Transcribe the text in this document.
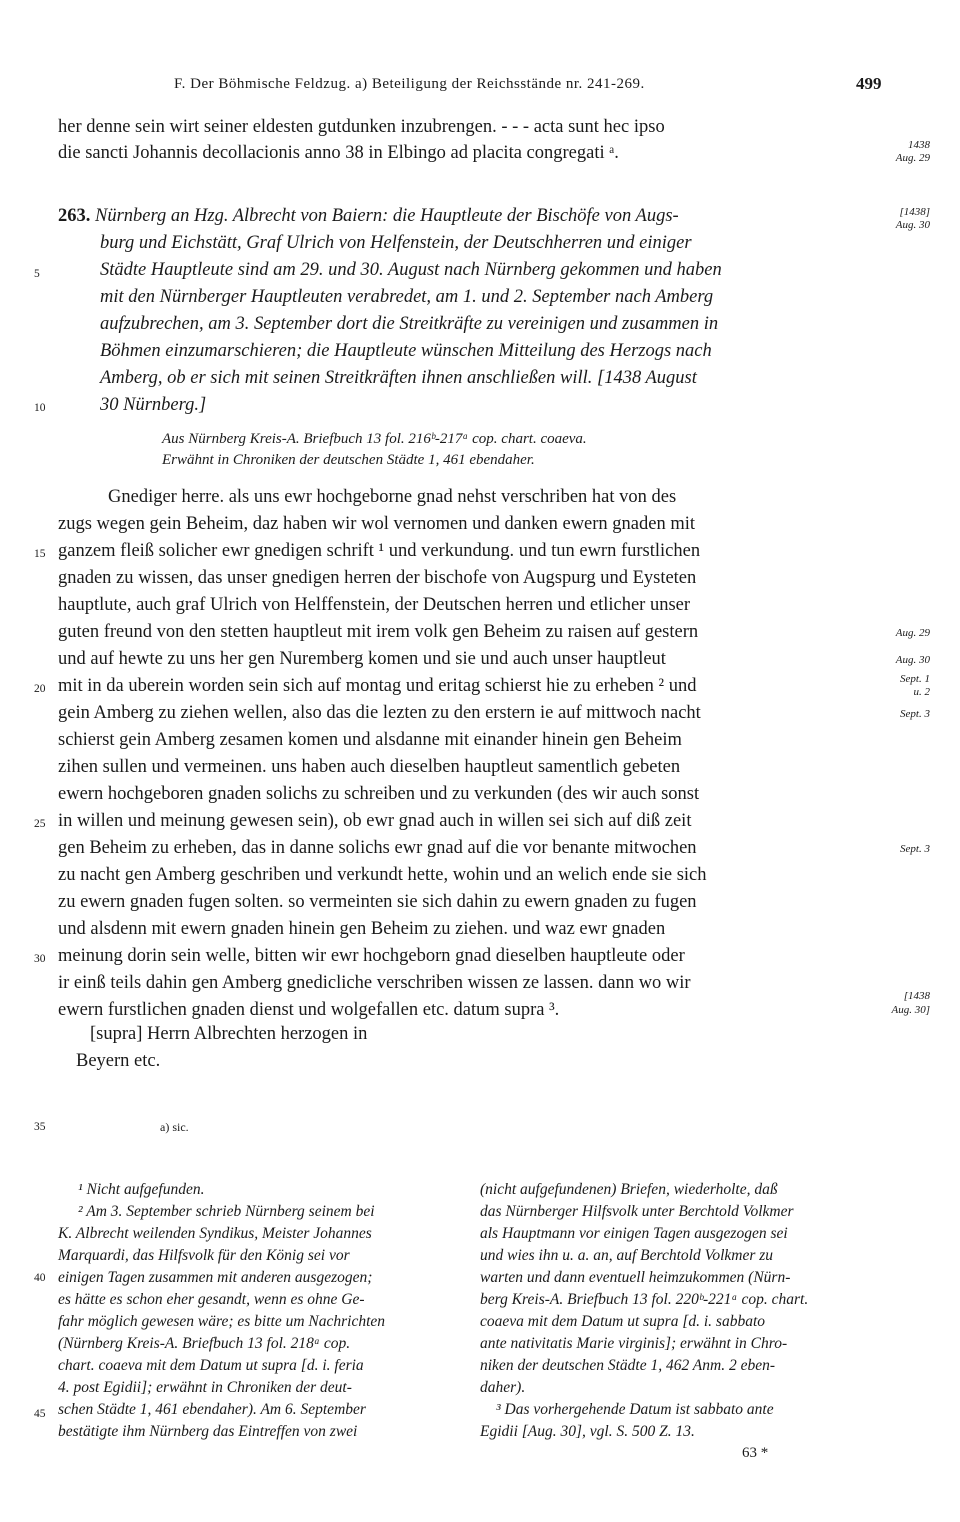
F. Der Böhmische Feldzug. a) Beteiligung der Reichsstände nr. 241-269.	499
her denne sein wirt seiner eldesten gutdunken inzubrengen. - - - acta sunt hec ipso
die sancti Johannis decollacionis anno 38 in Elbingo ad placita congregati ᵃ.	1438
Aug. 29
263. Nürnberg an Hzg. Albrecht von Baiern: die Hauptleute der Bischöfe von Augs-	[1438]
Aug. 30
burg und Eichstätt, Graf Ulrich von Helfenstein, der Deutschherren und einiger
Städte Hauptleute sind am 29. und 30. August nach Nürnberg gekommen und haben
mit den Nürnberger Hauptleuten verabredet, am 1. und 2. September nach Amberg
aufzubrechen, am 3. September dort die Streitkräfte zu vereinigen und zusammen in
Böhmen einzumarschieren; die Hauptleute wünschen Mitteilung des Herzogs nach
Amberg, ob er sich mit seinen Streitkräften ihnen anschließen will. [1438 August
30 Nürnberg.]
Aus Nürnberg Kreis-A. Briefbuch 13 fol. 216ᵇ-217ᵃ cop. chart. coaeva.
Erwähnt in Chroniken der deutschen Städte 1, 461 ebendaher.
Gnediger herre. als uns ewr hochgeborne gnad nehst verschriben hat von des
zugs wegen gein Beheim, daz haben wir wol vernomen und danken ewern gnaden mit
ganzem fleiß solicher ewr gnedigen schrift ¹ und verkundung. und tun ewrn furstlichen
gnaden zu wissen, das unser gnedigen herren der bischofe von Augspurg und Eysteten
hauptlute, auch graf Ulrich von Helffenstein, der Deutschen herren und etlicher unser
guten freund von den stetten hauptleut mit irem volk gen Beheim zu raisen auf gestern
und auf hewte zu uns her gen Nuremberg komen und sie und auch unser hauptleut
mit in da uberein worden sein sich auf montag und eritag schierst hie zu erheben ² und
gein Amberg zu ziehen wellen, also das die lezten zu den erstern ie auf mittwoch nacht
schierst gein Amberg zesamen komen und alsdanne mit einander hinein gen Beheim
zihen sullen und vermeinen. uns haben auch dieselben hauptleut samentlich gebeten
ewern hochgeboren gnaden solichs zu schreiben und zu verkunden (des wir auch sonst
in willen und meinung gewesen sein), ob ewr gnad auch in willen sei sich auf diß zeit
gen Beheim zu erheben, das in danne solichs ewr gnad auf die vor benante mitwochen
zu nacht gen Amberg geschriben und verkundt hette, wohin und an welich ende sie sich
zu ewern gnaden fugen solten. so vermeinten sie sich dahin zu ewern gnaden zu fugen
und alsdenn mit ewern gnaden hinein gen Beheim zu ziehen. und waz ewr gnaden
meinung dorin sein welle, bitten wir ewr hochgeborn gnad dieselben hauptleute oder
ir einß teils dahin gen Amberg gnedicliche verschriben wissen ze lassen. dann wo wir
ewern furstlichen gnaden dienst und wolgefallen etc. datum supra ³.
[supra] Herrn Albrechten herzogen in
Beyern etc.
Aug. 29
Aug. 30
Sept. 1
u. 2
Sept. 3
Sept. 3
[1438
Aug. 30]
5
10
15
20
25
30
35
40
45
a) sic.
¹ Nicht aufgefunden.
² Am 3. September schrieb Nürnberg seinem bei
K. Albrecht weilenden Syndikus, Meister Johannes
Marquardi, das Hilfsvolk für den König sei vor
einigen Tagen zusammen mit anderen ausgezogen;
es hätte es schon eher gesandt, wenn es ohne Ge-
fahr möglich gewesen wäre; es bitte um Nachrichten
(Nürnberg Kreis-A. Briefbuch 13 fol. 218ᵃ cop.
chart. coaeva mit dem Datum ut supra [d. i. feria
4. post Egidii]; erwähnt in Chroniken der deut-
schen Städte 1, 461 ebendaher). Am 6. September
bestätigte ihm Nürnberg das Eintreffen von zwei
(nicht aufgefundenen) Briefen, wiederholte, daß
das Nürnberger Hilfsvolk unter Berchtold Volkmer
als Hauptmann vor einigen Tagen ausgezogen sei
und wies ihn u. a. an, auf Berchtold Volkmer zu
warten und dann eventuell heimzukommen (Nürn-
berg Kreis-A. Briefbuch 13 fol. 220ᵇ-221ᵃ cop. chart.
coaeva mit dem Datum ut supra [d. i. sabbato
ante nativitatis Marie virginis]; erwähnt in Chro-
niken der deutschen Städte 1, 462 Anm. 2 eben-
daher).
³ Das vorhergehende Datum ist sabbato ante
Egidii [Aug. 30], vgl. S. 500 Z. 13.
63 *
